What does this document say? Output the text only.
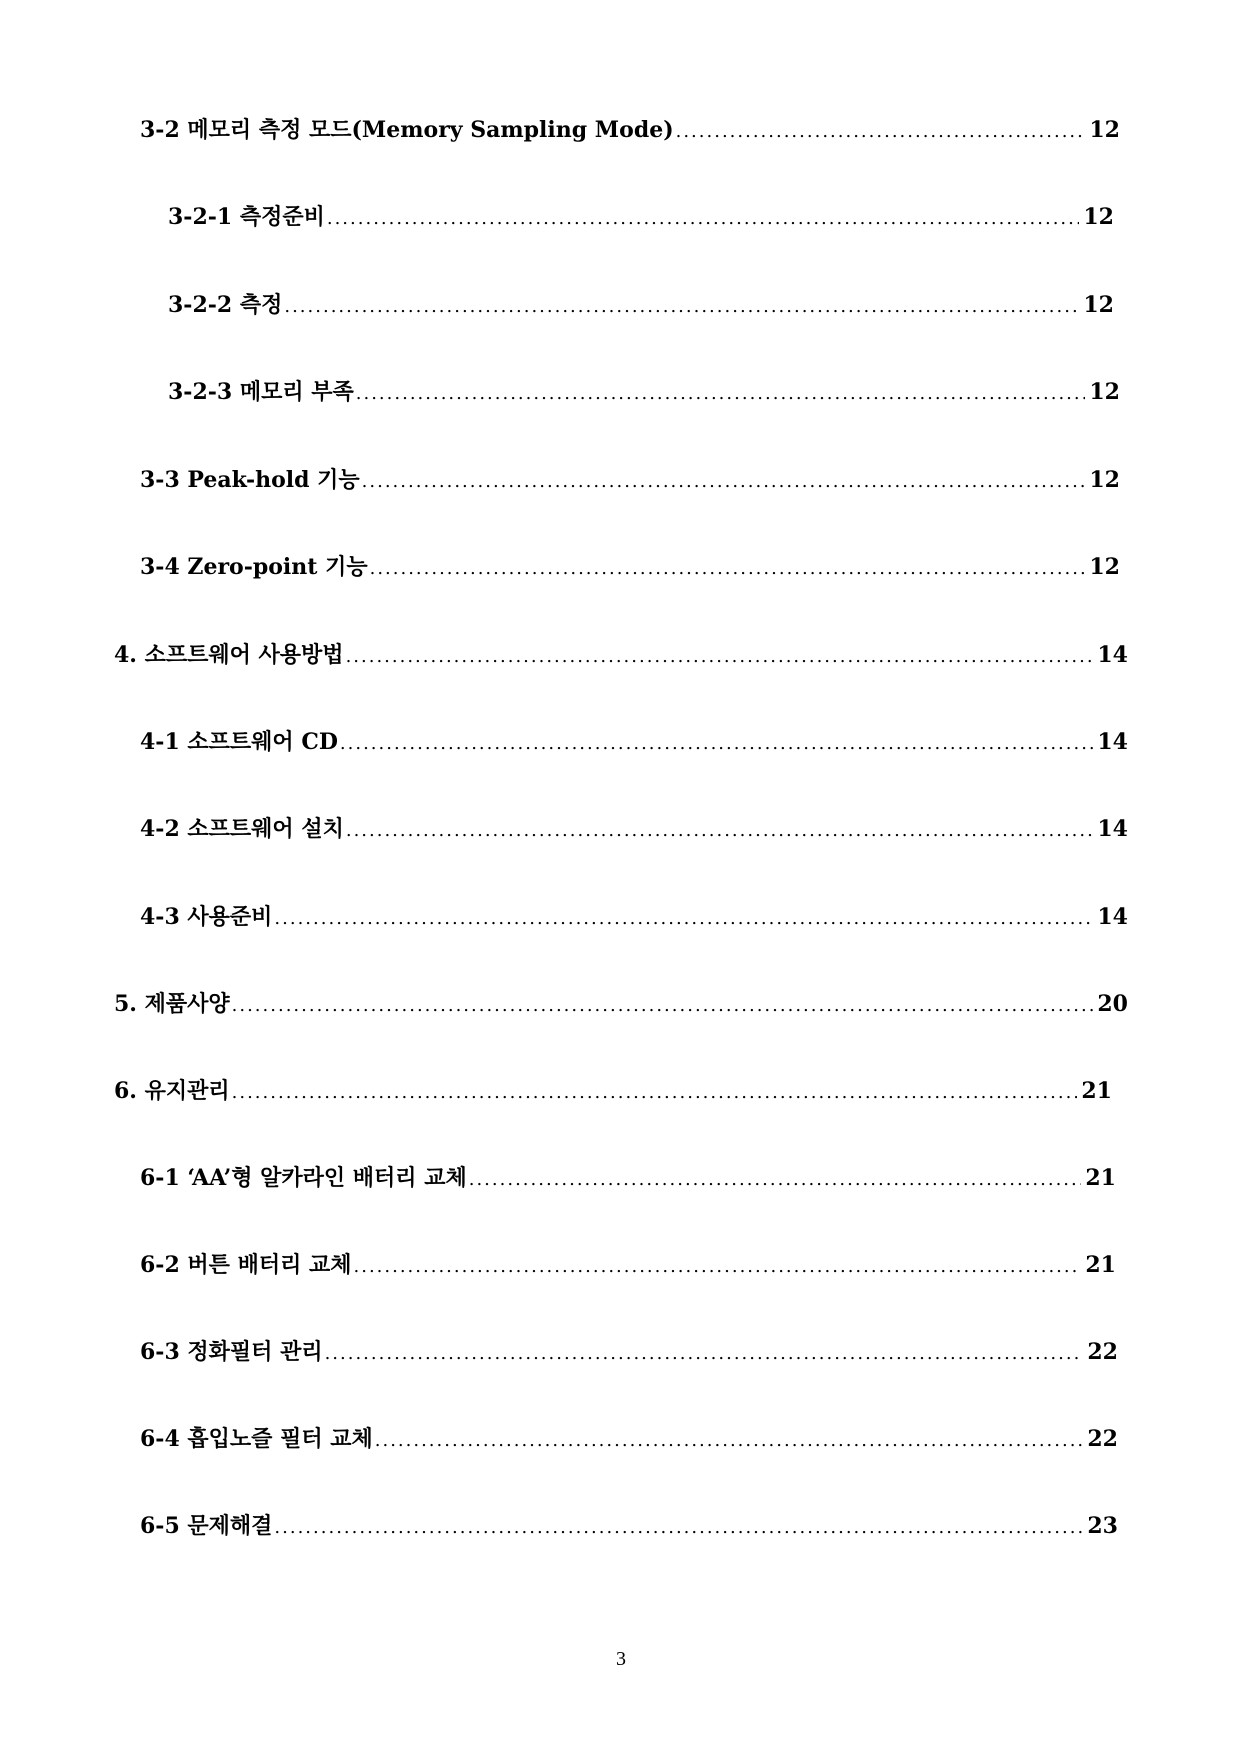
3-2 메모리 측정 모드(Memory Sampling Mode) .....	12
3-2-1 측정준비 .....	12
3-2-2 측정 .....	12
3-2-3 메모리 부족 .....	12
3-3 Peak-hold 기능 .....	12
3-4 Zero-point 기능 .....	12
4. 소프트웨어 사용방법 .....	14
4-1 소프트웨어 CD .....	14
4-2 소프트웨어 설치 .....	14
4-3 사용준비 .....	14
5. 제품사양 .....	20
6. 유지관리 .....	21
6-1 ‘AA’형 알카라인 배터리 교체 .....	21
6-2 버튼 배터리 교체 .....	21
6-3 정화필터 관리 .....	22
6-4 흡입노즐 필터 교체 .....	22
6-5 문제해결 .....	23
3
